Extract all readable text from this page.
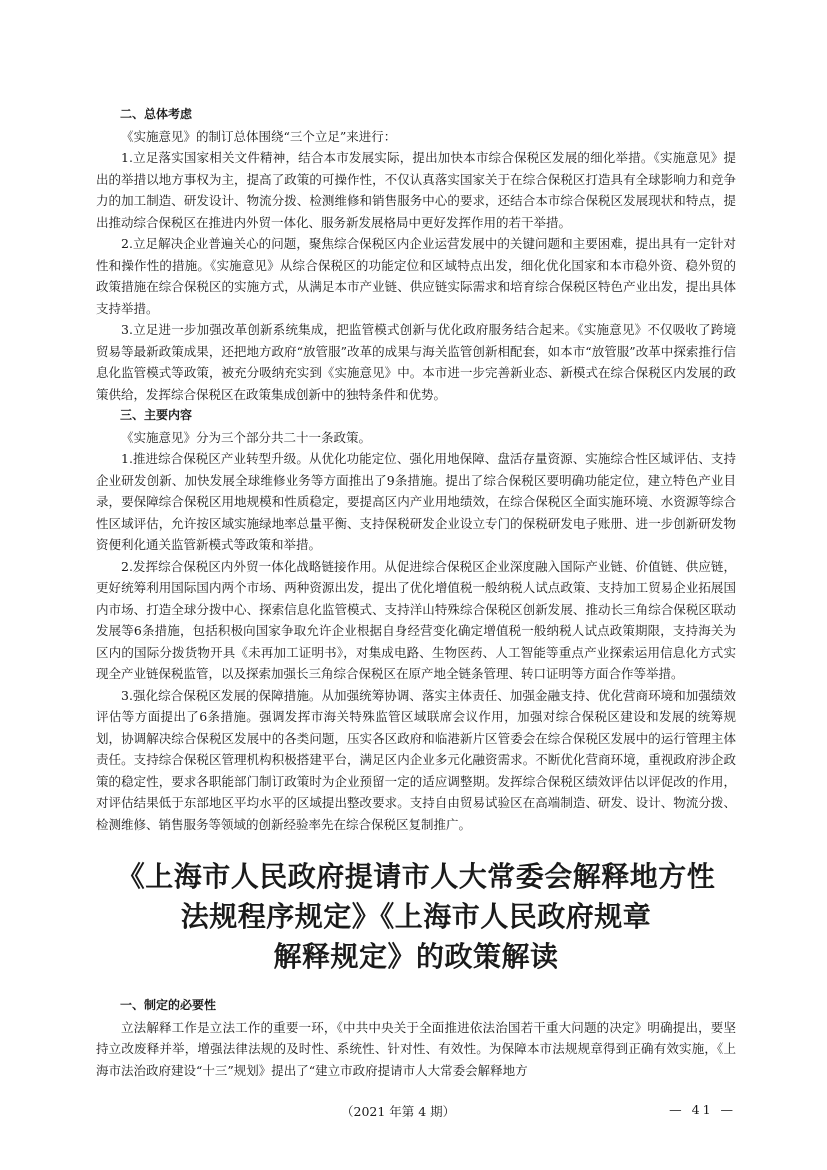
二、总体考虑

《实施意见》的制订总体围绕“三个立足”来进行：

1.立足落实国家相关文件精神，结合本市发展实际，提出加快本市综合保税区发展的细化举措。《实施意见》提出的举措以地方事权为主，提高了政策的可操作性，不仅认真落实国家关于在综合保税区打造具有全球影响力和竞争力的加工制造、研发设计、物流分拨、检测维修和销售服务中心的要求，还结合本市综合保税区发展现状和特点，提出推动综合保税区在推进内外贸一体化、服务新发展格局中更好发挥作用的若干举措。

2.立足解决企业普遍关心的问题，聚焦综合保税区内企业运营发展中的关键问题和主要困难，提出具有一定针对性和操作性的措施。《实施意见》从综合保税区的功能定位和区域特点出发，细化优化国家和本市稳外资、稳外贸的政策措施在综合保税区的实施方式，从满足本市产业链、供应链实际需求和培育综合保税区特色产业出发，提出具体支持举措。

3.立足进一步加强改革创新系统集成，把监管模式创新与优化政府服务结合起来。《实施意见》不仅吸收了跨境贸易等最新政策成果，还把地方政府“放管服”改革的成果与海关监管创新相配套，如本市“放管服”改革中探索推行信息化监管模式等政策，被充分吸纳充实到《实施意见》中。本市进一步完善新业态、新模式在综合保税区内发展的政策供给，发挥综合保税区在政策集成创新中的独特条件和优势。

三、主要内容

《实施意见》分为三个部分共二十一条政策。

1.推进综合保税区产业转型升级。从优化功能定位、强化用地保障、盘活存量资源、实施综合性区域评估、支持企业研发创新、加快发展全球维修业务等方面推出了9条措施。提出了综合保税区要明确功能定位，建立特色产业目录，要保障综合保税区用地规模和性质稳定，要提高区内产业用地绩效，在综合保税区全面实施环境、水资源等综合性区域评估，允许按区域实施绿地率总量平衡、支持保税研发企业设立专门的保税研发电子账册、进一步创新研发物资便利化通关监管新模式等政策和举措。

2.发挥综合保税区内外贸一体化战略链接作用。从促进综合保税区企业深度融入国际产业链、价值链、供应链，更好统筹利用国际国内两个市场、两种资源出发，提出了优化增值税一般纳税人试点政策、支持加工贸易企业拓展国内市场、打造全球分拨中心、探索信息化监管模式、支持洋山特殊综合保税区创新发展、推动长三角综合保税区联动发展等6条措施，包括积极向国家争取允许企业根据自身经营变化确定增值税一般纳税人试点政策期限，支持海关为区内的国际分拨货物开具《未再加工证明书》，对集成电路、生物医药、人工智能等重点产业探索运用信息化方式实现全产业链保税监管，以及探索加强长三角综合保税区在原产地全链条管理、转口证明等方面合作等举措。

3.强化综合保税区发展的保障措施。从加强统筹协调、落实主体责任、加强金融支持、优化营商环境和加强绩效评估等方面提出了6条措施。强调发挥市海关特殊监管区域联席会议作用，加强对综合保税区建设和发展的统筹规划，协调解决综合保税区发展中的各类问题，压实各区政府和临港新片区管委会在综合保税区发展中的运行管理主体责任。支持综合保税区管理机构积极搭建平台，满足区内企业多元化融资需求。不断优化营商环境，重视政府涉企政策的稳定性，要求各职能部门制订政策时为企业预留一定的适应调整期。发挥综合保税区绩效评估以评促改的作用，对评估结果低于东部地区平均水平的区域提出整改要求。支持自由贸易试验区在高端制造、研发、设计、物流分拨、检测维修、销售服务等领域的创新经验率先在综合保税区复制推广。

《上海市人民政府提请市人大常委会解释地方性
法规程序规定》《上海市人民政府规章
解释规定》的政策解读

一、制定的必要性

立法解释工作是立法工作的重要一环，《中共中央关于全面推进依法治国若干重大问题的决定》明确提出，要坚持立改废释并举，增强法律法规的及时性、系统性、针对性、有效性。为保障本市法规规章得到正确有效实施，《上海市法治政府建设“十三”规划》提出了“建立市政府提请市人大常委会解释地方

（2021 年第 4 期）	— 41 —
